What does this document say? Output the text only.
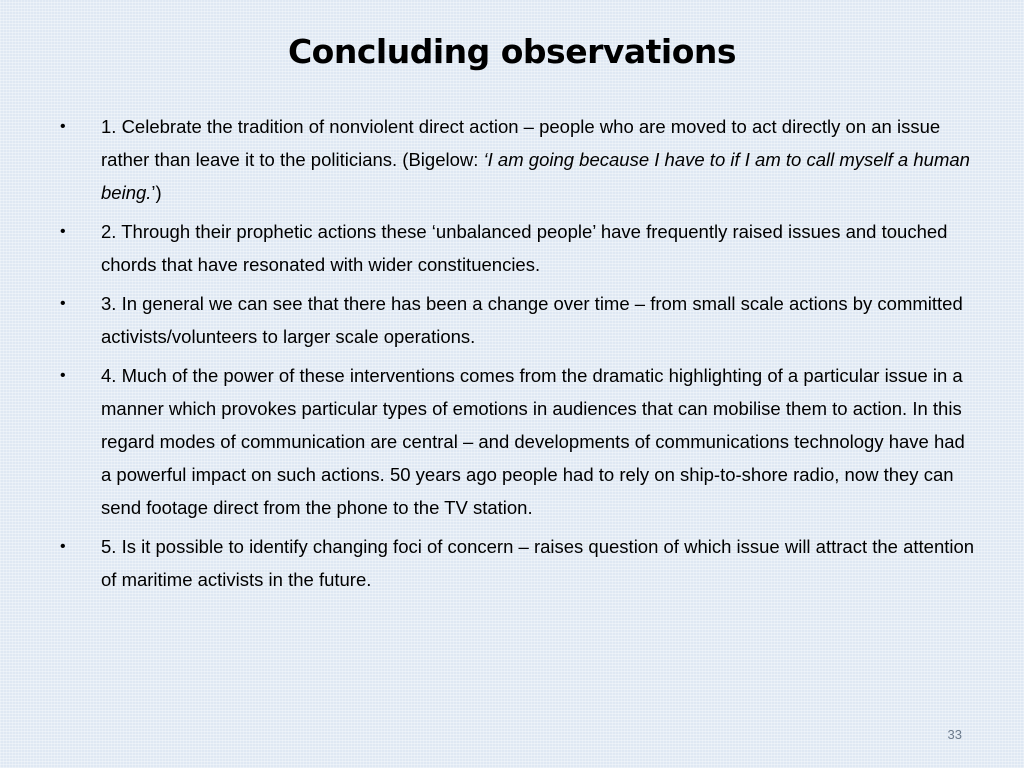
Concluding observations
• 1. Celebrate the tradition of nonviolent direct action – people who are moved to act directly on an issue rather than leave it to the politicians. (Bigelow: ‘I am going because I have to if I am to call myself a human being.’)
• 2. Through their prophetic actions these ‘unbalanced people’ have frequently raised issues and touched chords that have resonated with wider constituencies.
• 3. In general we can see that there has been a change over time – from small scale actions by committed activists/volunteers to larger scale operations.
• 4. Much of the power of these interventions comes from the dramatic highlighting of a particular issue in a manner which provokes particular types of emotions in audiences that can mobilise them to action. In this regard modes of communication are central – and developments of communications technology have had a powerful impact on such actions. 50 years ago people had to rely on ship-to-shore radio, now they can send footage direct from the phone to the TV station.
• 5. Is it possible to identify changing foci of concern – raises question of which issue will attract the attention of maritime activists in the future.
33
